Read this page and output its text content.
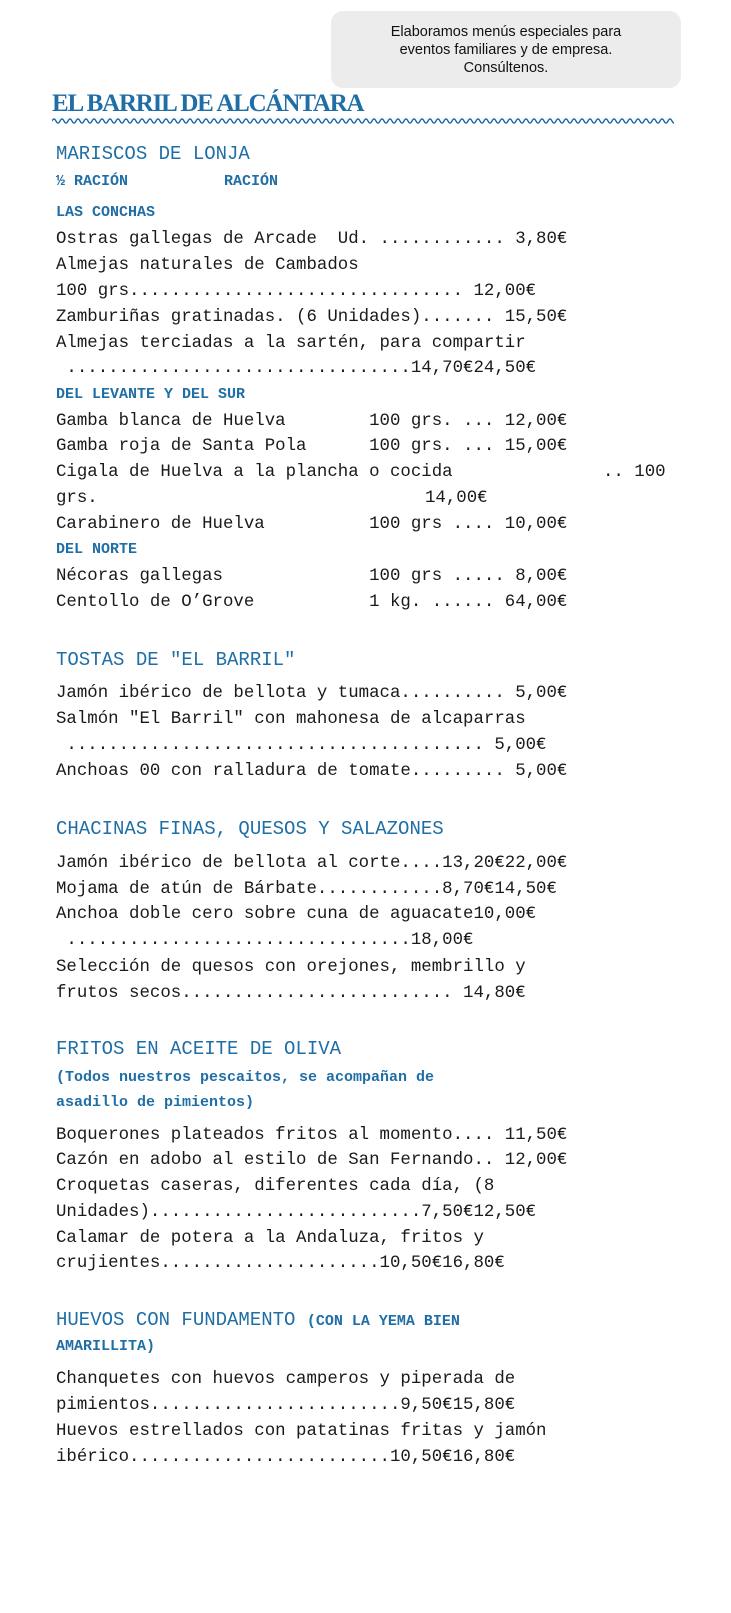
Elaboramos menús especiales para
eventos familiares y de empresa.
Consúltenos.
EL BARRIL DE ALCÁNTARA
MARISCOS DE LONJA
½ RACIÓN	RACIÓN
LAS CONCHAS
Ostras gallegas de Arcade  Ud. ............ 3,80€
Almejas naturales de Cambados
100 grs................................ 12,00€
Zamburiñas gratinadas. (6 Unidades)....... 15,50€
Almejas terciadas a la sartén, para compartir
.................................14,70€24,50€
DEL LEVANTE Y DEL SUR
Gamba blanca de Huelva        100 grs. ... 12,00€
Gamba roja de Santa Pola      100 grs. ... 15,00€
Cigala de Huelva a la plancha o cocida	.. 100
grs.	14,00€
Carabinero de Huelva          100 grs .... 10,00€
DEL NORTE
Nécoras gallegas              100 grs ..... 8,00€
Centollo de O’Grove           1 kg. ...... 64,00€
TOSTAS DE "EL BARRIL"
Jamón ibérico de bellota y tumaca.......... 5,00€
Salmón "El Barril" con mahonesa de alcaparras
........................................ 5,00€
Anchoas 00 con ralladura de tomate......... 5,00€
CHACINAS FINAS, QUESOS Y SALAZONES
Jamón ibérico de bellota al corte....13,20€22,00€
Mojama de atún de Bárbate............8,70€14,50€
Anchoa doble cero sobre cuna de aguacate10,00€
.................................18,00€
Selección de quesos con orejones, membrillo y
frutos secos.......................... 14,80€
FRITOS EN ACEITE DE OLIVA
(Todos nuestros pescaitos, se acompañan de
asadillo de pimientos)
Boquerones plateados fritos al momento.... 11,50€
Cazón en adobo al estilo de San Fernando.. 12,00€
Croquetas caseras, diferentes cada día, (8
Unidades)..........................7,50€12,50€
Calamar de potera a la Andaluza, fritos y
crujientes.....................10,50€16,80€
HUEVOS CON FUNDAMENTO (CON LA YEMA BIEN
AMARILLITA)
Chanquetes con huevos camperos y piperada de
pimientos........................9,50€15,80€
Huevos estrellados con patatinas fritas y jamón
ibérico.........................10,50€16,80€
